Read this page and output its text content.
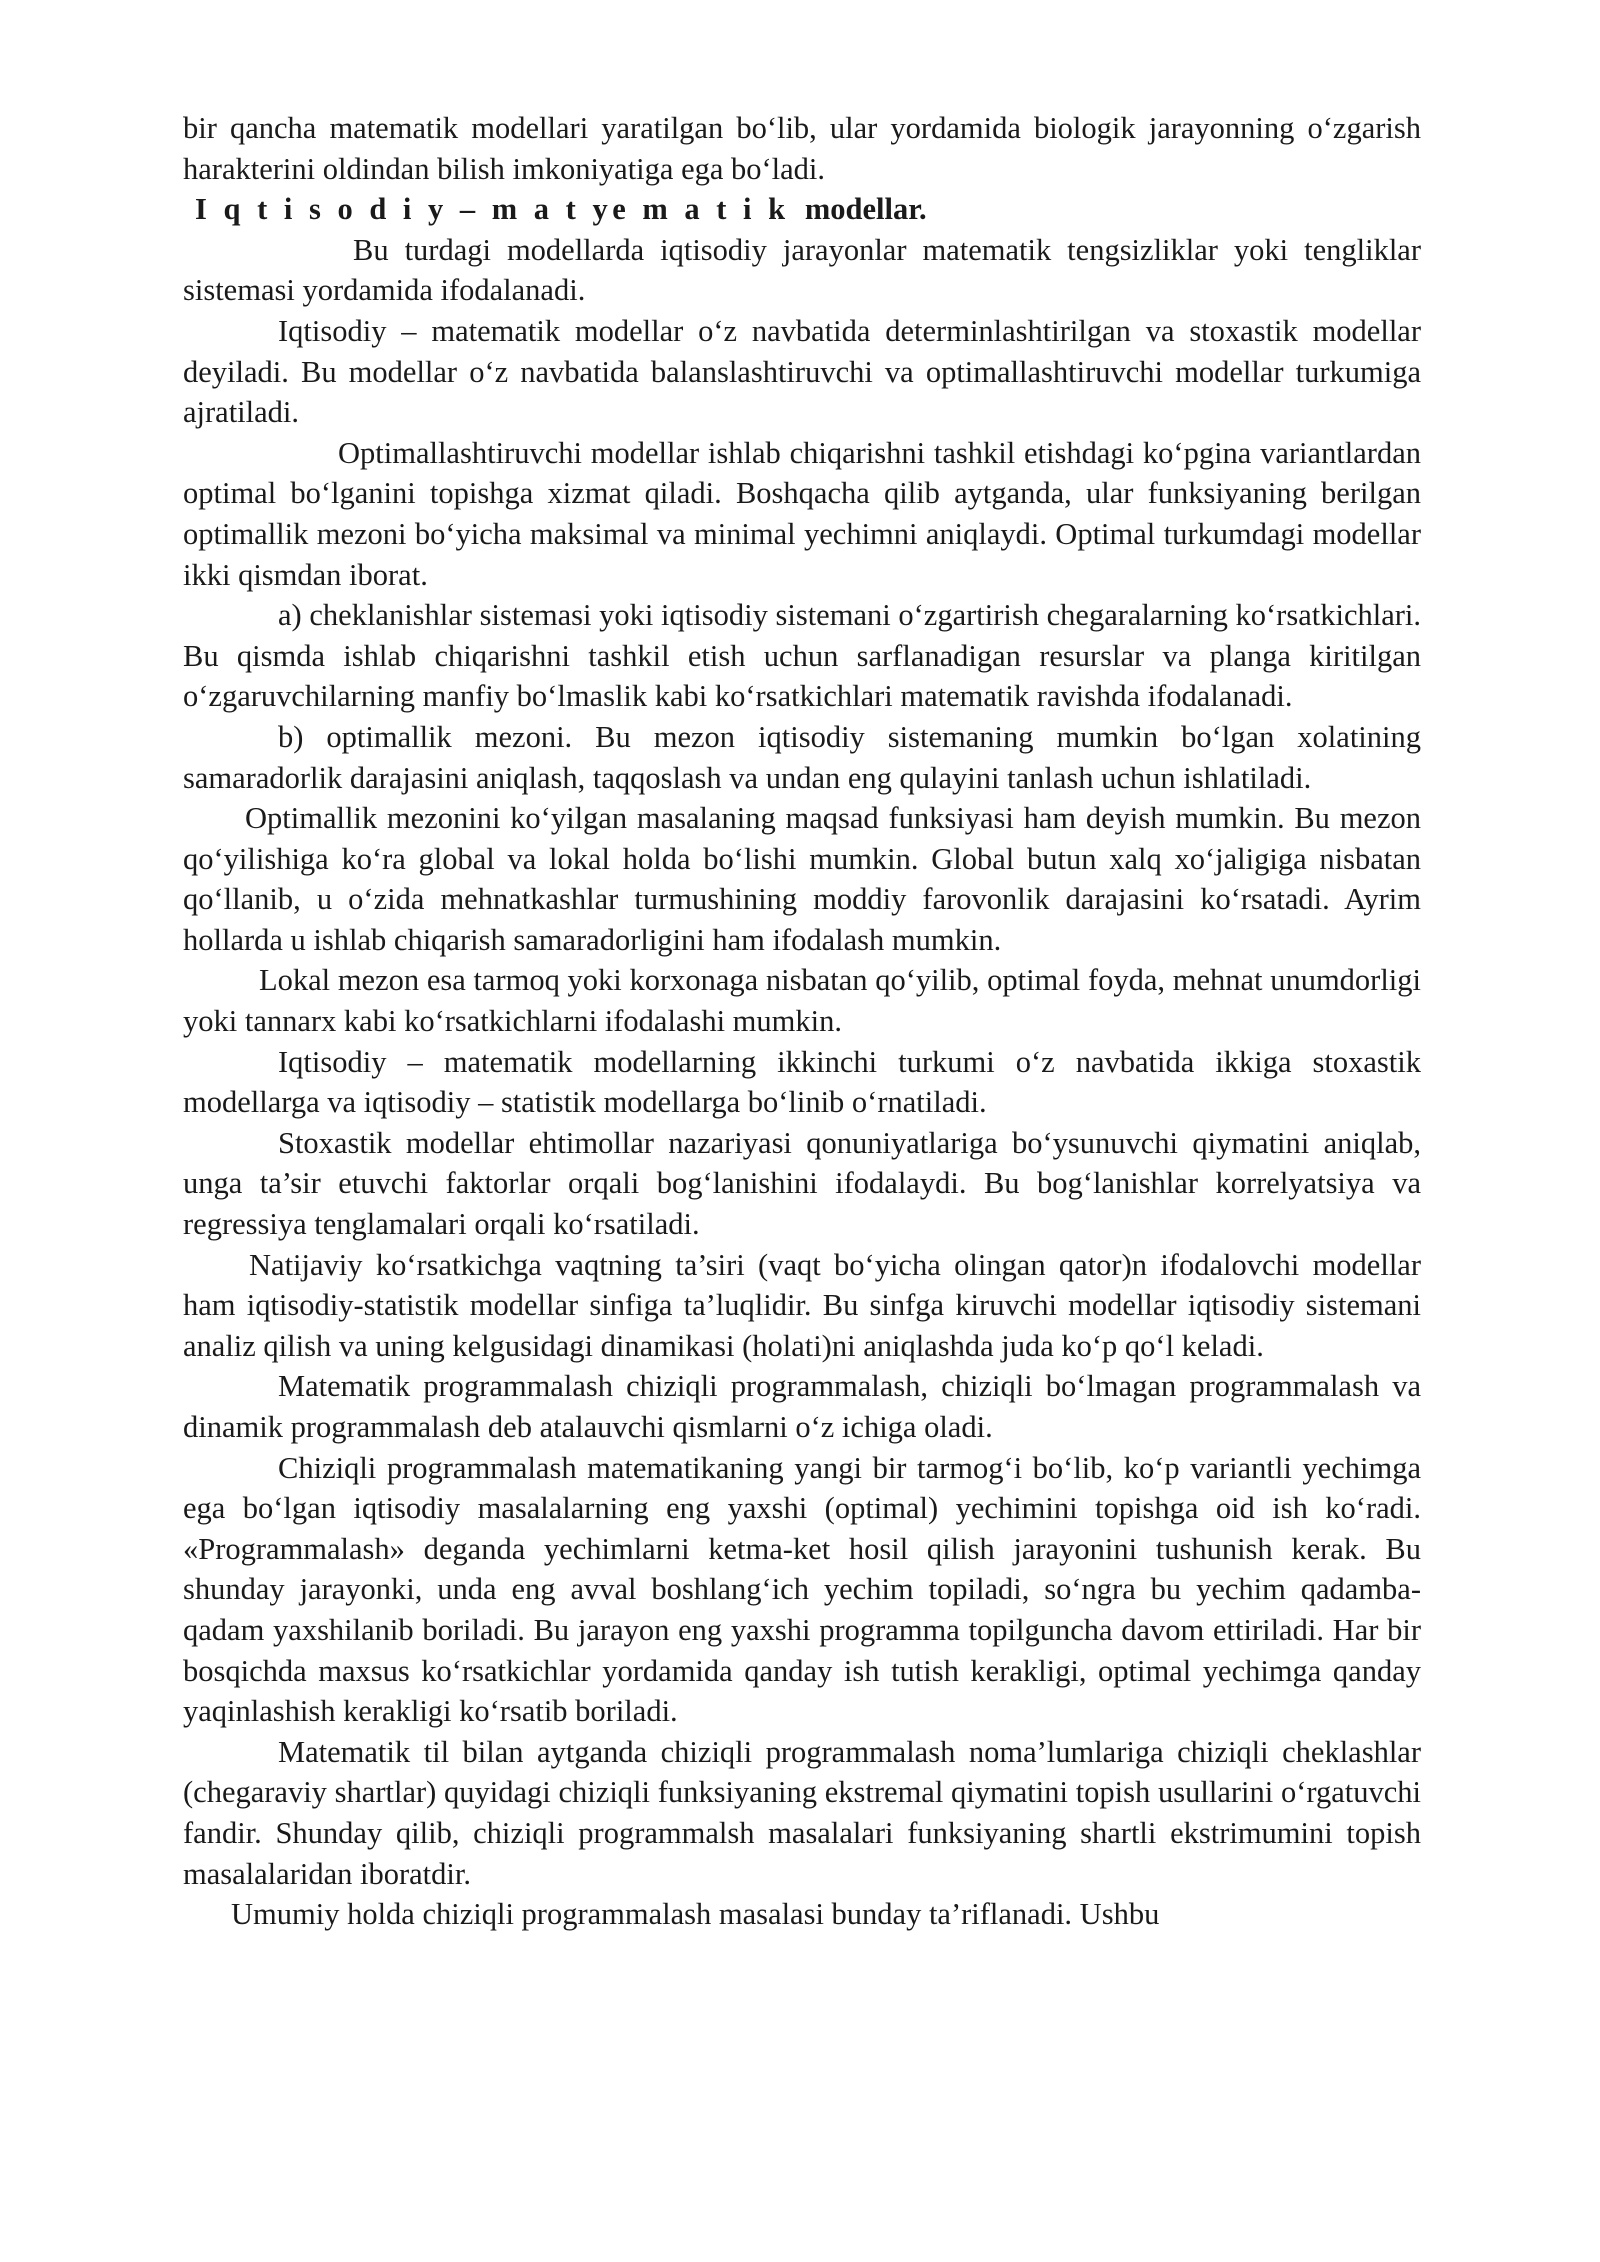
bir qancha matematik modellari yaratilgan bo‘lib, ular yordamida biologik jarayonning o‘zgarish harakterini oldindan bilish imkoniyatiga ega bo‘ladi.

I q t i s o d i y – m a t ye m a t i k modellar.

Bu turdagi modellarda iqtisodiy jarayonlar matematik tengsizliklar yoki tengliklar sistemasi yordamida ifodalanadi.

Iqtisodiy – matematik modellar o‘z navbatida determinlashtirilgan va stoxastik modellar deyiladi. Bu modellar o‘z navbatida balanslashtiruvchi va optimallashtiruvchi modellar turkumiga ajratiladi.

Optimallashtiruvchi modellar ishlab chiqarishni tashkil etishdagi ko‘pgina variantlardan optimal bo‘lganini topishga xizmat qiladi. Boshqacha qilib aytganda, ular funksiyaning berilgan optimallik mezoni bo‘yicha maksimal va minimal yechimni aniqlaydi. Optimal turkumdagi modellar ikki qismdan iborat.

a) cheklanishlar sistemasi yoki iqtisodiy sistemani o‘zgartirish chegaralarning ko‘rsatkichlari. Bu qismda ishlab chiqarishni tashkil etish uchun sarflanadigan resurslar va planga kiritilgan o‘zgaruvchilarning manfiy bo‘lmaslik kabi ko‘rsatkichlari matematik ravishda ifodalanadi.

b) optimallik mezoni. Bu mezon iqtisodiy sistemaning mumkin bo‘lgan xolatining samaradorlik darajasini aniqlash, taqqoslash va undan eng qulayini tanlash uchun ishlatiladi.

Optimallik mezonini ko‘yilgan masalaning maqsad funksiyasi ham deyish mumkin. Bu mezon qo‘yilishiga ko‘ra global va lokal holda bo‘lishi mumkin. Global butun xalq xo‘jaligiga nisbatan qo‘llanib, u o‘zida mehnatkashlar turmushining moddiy farovonlik darajasini ko‘rsatadi. Ayrim hollarda u ishlab chiqarish samaradorligini ham ifodalash mumkin.

Lokal mezon esa tarmoq yoki korxonaga nisbatan qo‘yilib, optimal foyda, mehnat unumdorligi yoki tannarx kabi ko‘rsatkichlarni ifodalashi mumkin.

Iqtisodiy – matematik modellarning ikkinchi turkumi o‘z navbatida ikkiga stoxastik modellarga va iqtisodiy – statistik modellarga bo‘linib o‘rnatiladi.

Stoxastik modellar ehtimollar nazariyasi qonuniyatlariga bo‘ysunuvchi qiymatini aniqlab, unga ta’sir etuvchi faktorlar orqali bog‘lanishini ifodalaydi. Bu bog‘lanishlar korrelyatsiya va regressiya tenglamalari orqali ko‘rsatiladi.

Natijaviy ko‘rsatkichga vaqtning ta’siri (vaqt bo‘yicha olingan qator)n ifodalovchi modellar ham iqtisodiy-statistik modellar sinfiga ta’luqlidir. Bu sinfga kiruvchi modellar iqtisodiy sistemani analiz qilish va uning kelgusidagi dinamikasi (holati)ni aniqlashda juda ko‘p qo‘l keladi.

Matematik programmalash chiziqli programmalash, chiziqli bo‘lmagan programmalash va dinamik programmalash deb atalauvchi qismlarni o‘z ichiga oladi.

Chiziqli programmalash matematikaning yangi bir tarmog‘i bo‘lib, ko‘p variantli yechimga ega bo‘lgan iqtisodiy masalalarning eng yaxshi (optimal) yechimini topishga oid ish ko‘radi. «Programmalash» deganda yechimlarni ketma-ket hosil qilish jarayonini tushunish kerak. Bu shunday jarayonki, unda eng avval boshlang‘ich yechim topiladi, so‘ngra bu yechim qadamba-qadam yaxshilanib boriladi. Bu jarayon eng yaxshi programma topilguncha davom ettiriladi. Har bir bosqichda maxsus ko‘rsatkichlar yordamida qanday ish tutish kerakligi, optimal yechimga qanday yaqinlashish kerakligi ko‘rsatib boriladi.

Matematik til bilan aytganda chiziqli programmalash noma’lumlariga chiziqli cheklashlar (chegaraviy shartlar) quyidagi chiziqli funksiyaning ekstremal qiymatini topish usullarini o‘rgatuvchi fandir. Shunday qilib, chiziqli programmalsh masalalari funksiyaning shartli ekstrimumini topish masalalaridan iboratdir.

Umumiy holda chiziqli programmalash masalasi bunday ta’riflanadi. Ushbu
